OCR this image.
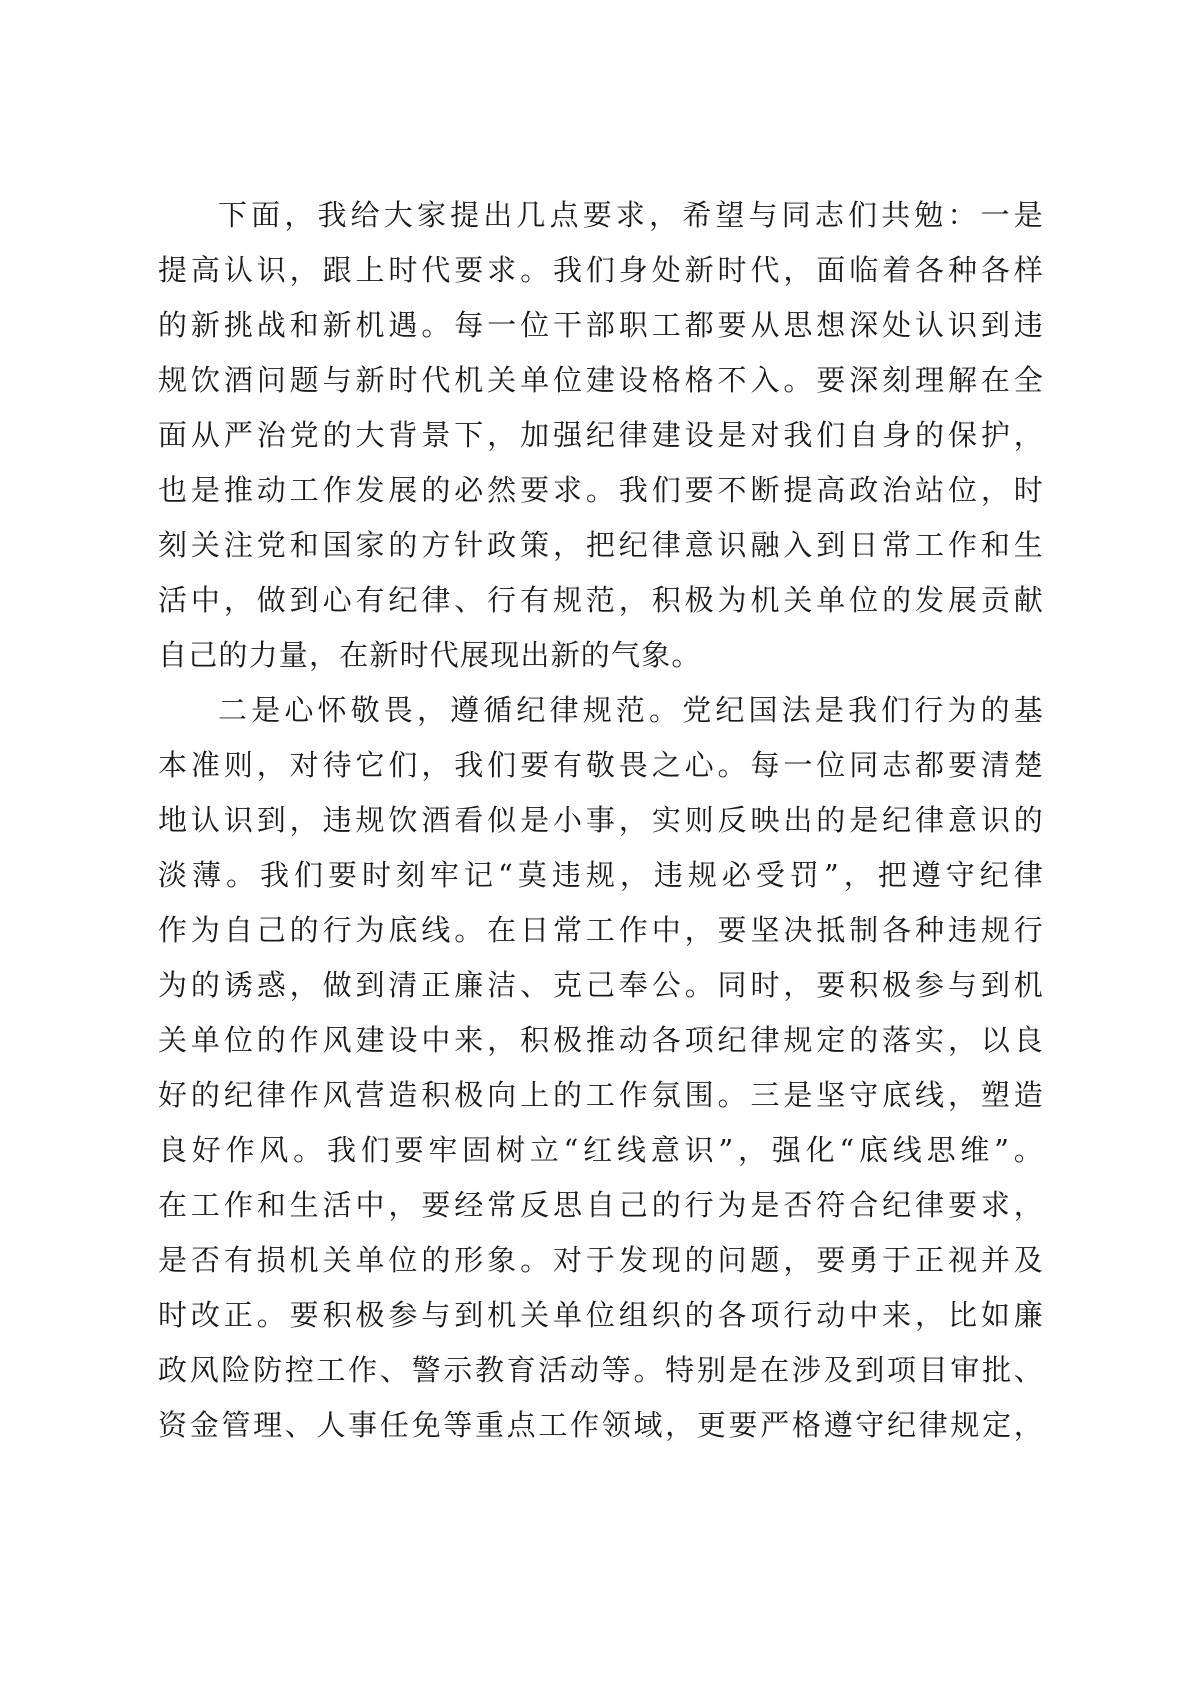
下面，我给大家提出几点要求，希望与同志们共勉：一是
提高认识，跟上时代要求。我们身处新时代，面临着各种各样
的新挑战和新机遇。每一位干部职工都要从思想深处认识到违
规饮酒问题与新时代机关单位建设格格不入。要深刻理解在全
面从严治党的大背景下，加强纪律建设是对我们自身的保护，
也是推动工作发展的必然要求。我们要不断提高政治站位，时
刻关注党和国家的方针政策，把纪律意识融入到日常工作和生
活中，做到心有纪律、行有规范，积极为机关单位的发展贡献
自己的力量，在新时代展现出新的气象。
二是心怀敬畏，遵循纪律规范。党纪国法是我们行为的基
本准则，对待它们，我们要有敬畏之心。每一位同志都要清楚
地认识到，违规饮酒看似是小事，实则反映出的是纪律意识的
淡薄。我们要时刻牢记“莫违规，违规必受罚”，把遵守纪律
作为自己的行为底线。在日常工作中，要坚决抵制各种违规行
为的诱惑，做到清正廉洁、克己奉公。同时，要积极参与到机
关单位的作风建设中来，积极推动各项纪律规定的落实，以良
好的纪律作风营造积极向上的工作氛围。三是坚守底线，塑造
良好作风。我们要牢固树立“红线意识”，强化“底线思维”。
在工作和生活中，要经常反思自己的行为是否符合纪律要求，
是否有损机关单位的形象。对于发现的问题，要勇于正视并及
时改正。要积极参与到机关单位组织的各项行动中来，比如廉
政风险防控工作、警示教育活动等。特别是在涉及到项目审批、
资金管理、人事任免等重点工作领域，更要严格遵守纪律规定，
